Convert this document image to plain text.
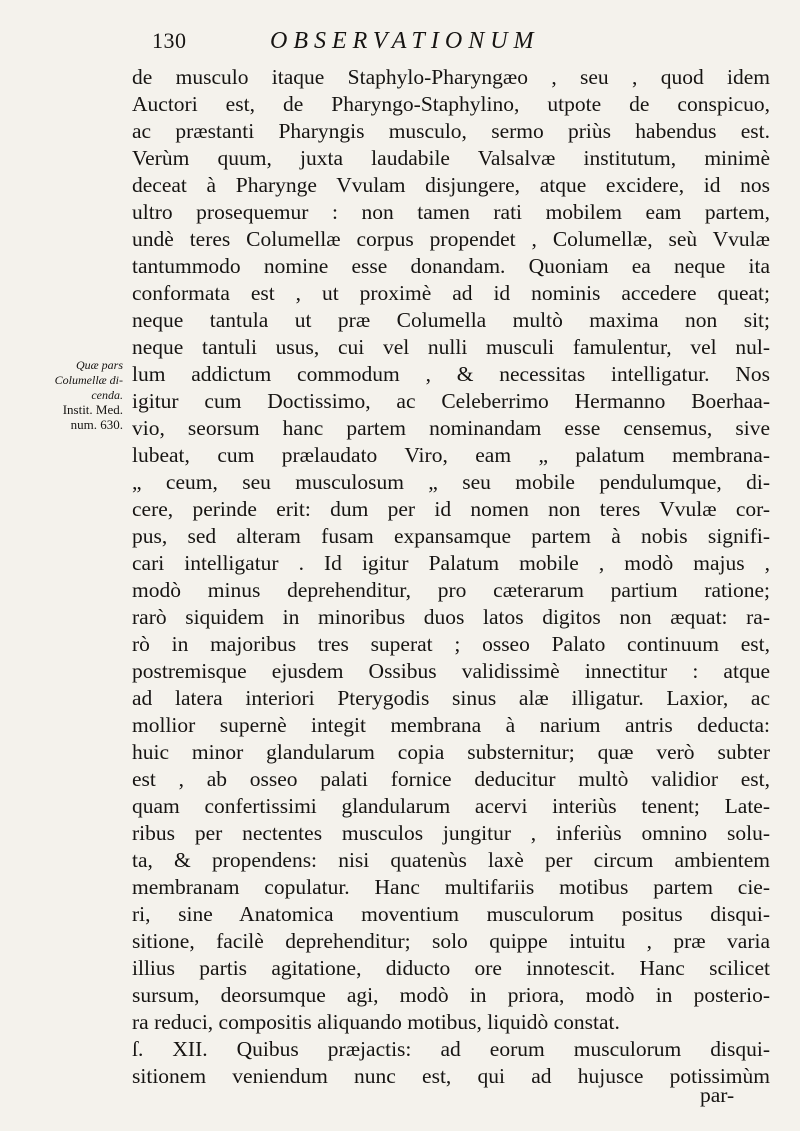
130	OBSERVATIONUM
Quæ pars
Columellæ di-
cenda.
Instit. Med.
num. 630.
de musculo itaque Staphylo-Pharyngæo , seu , quod idem
Auctori est, de Pharyngo-Staphylino, utpote de conspicuo,
ac præstanti Pharyngis musculo, sermo priùs habendus est.
Verùm quum, juxta laudabile Valsalvæ institutum, minimè
deceat à Pharynge Vvulam disjungere, atque excidere, id nos
ultro prosequemur : non tamen rati mobilem eam partem,
undè teres Columellæ corpus propendet , Columellæ, seù Vvulæ
tantummodo nomine esse donandam. Quoniam ea neque ita
conformata est , ut proximè ad id nominis accedere queat;
neque tantula ut præ Columella multò maxima non sit;
neque tantuli usus, cui vel nulli musculi famulentur, vel nul-
lum addictum commodum , & necessitas intelligatur. Nos
igitur cum Doctissimo, ac Celeberrimo Hermanno Boerhaa-
vio, seorsum hanc partem nominandam esse censemus, sive
lubeat, cum prælaudato Viro, eam „ palatum membrana-
„ ceum, seu musculosum „ seu mobile pendulumque, di-
cere, perinde erit: dum per id nomen non teres Vvulæ cor-
pus, sed alteram fusam expansamque partem à nobis signifi-
cari intelligatur . Id igitur Palatum mobile , modò majus ,
modò minus deprehenditur, pro cæterarum partium ratione;
rarò siquidem in minoribus duos latos digitos non æquat: ra-
rò in majoribus tres superat ; osseo Palato continuum est,
postremisque ejusdem Ossibus validissimè innectitur : atque
ad latera interiori Pterygodis sinus alæ illigatur. Laxior, ac
mollior supernè integit membrana à narium antris deducta:
huic minor glandularum copia substernitur; quæ verò subter
est , ab osseo palati fornice deducitur multò validior est,
quam confertissimi glandularum acervi interiùs tenent; Late-
ribus per nectentes musculos jungitur , inferiùs omnino solu-
ta, & propendens: nisi quatenùs laxè per circum ambientem
membranam copulatur. Hanc multifariis motibus partem cie-
ri, sine Anatomica moventium musculorum positus disqui-
sitione, facilè deprehenditur; solo quippe intuitu , præ varia
illius partis agitatione, diducto ore innotescit. Hanc scilicet
sursum, deorsumque agi, modò in priora, modò in posterio-
ra reduci, compositis aliquando motibus, liquidò constat.
ſ. XII. Quibus præjactis: ad eorum musculorum disqui-
sitionem veniendum nunc est, qui ad hujusce potissimùm
par-
